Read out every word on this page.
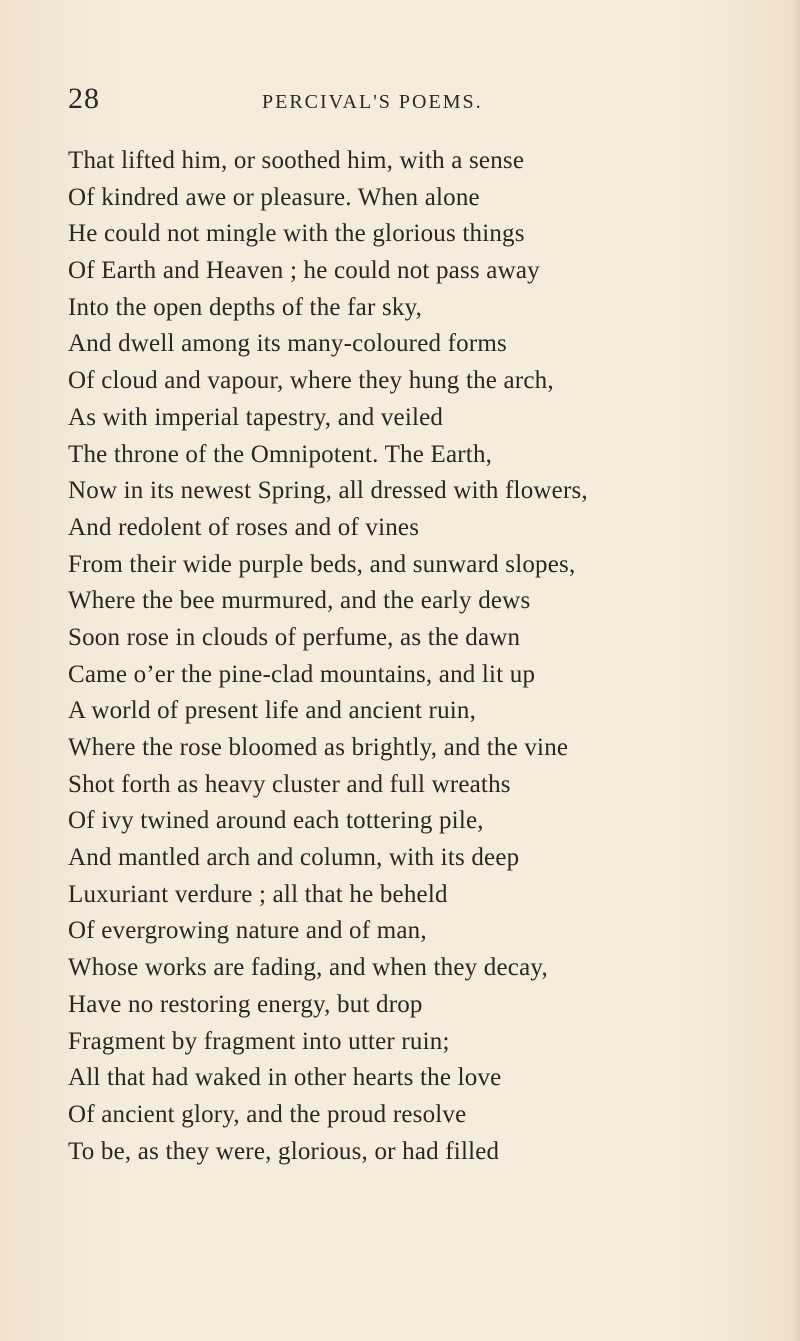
28	PERCIVAL'S POEMS.
That lifted him, or soothed him, with a sense
Of kindred awe or pleasure. When alone
He could not mingle with the glorious things
Of Earth and Heaven ; he could not pass away
Into the open depths of the far sky,
And dwell among its many-coloured forms
Of cloud and vapour, where they hung the arch,
As with imperial tapestry, and veiled
The throne of the Omnipotent. The Earth,
Now in its newest Spring, all dressed with flowers,
And redolent of roses and of vines
From their wide purple beds, and sunward slopes,
Where the bee murmured, and the early dews
Soon rose in clouds of perfume, as the dawn
Came o’er the pine-clad mountains, and lit up
A world of present life and ancient ruin,
Where the rose bloomed as brightly, and the vine
Shot forth as heavy cluster and full wreaths
Of ivy twined around each tottering pile,
And mantled arch and column, with its deep
Luxuriant verdure ; all that he beheld
Of evergrowing nature and of man,
Whose works are fading, and when they decay,
Have no restoring energy, but drop
Fragment by fragment into utter ruin;
All that had waked in other hearts the love
Of ancient glory, and the proud resolve
To be, as they were, glorious, or had filled
